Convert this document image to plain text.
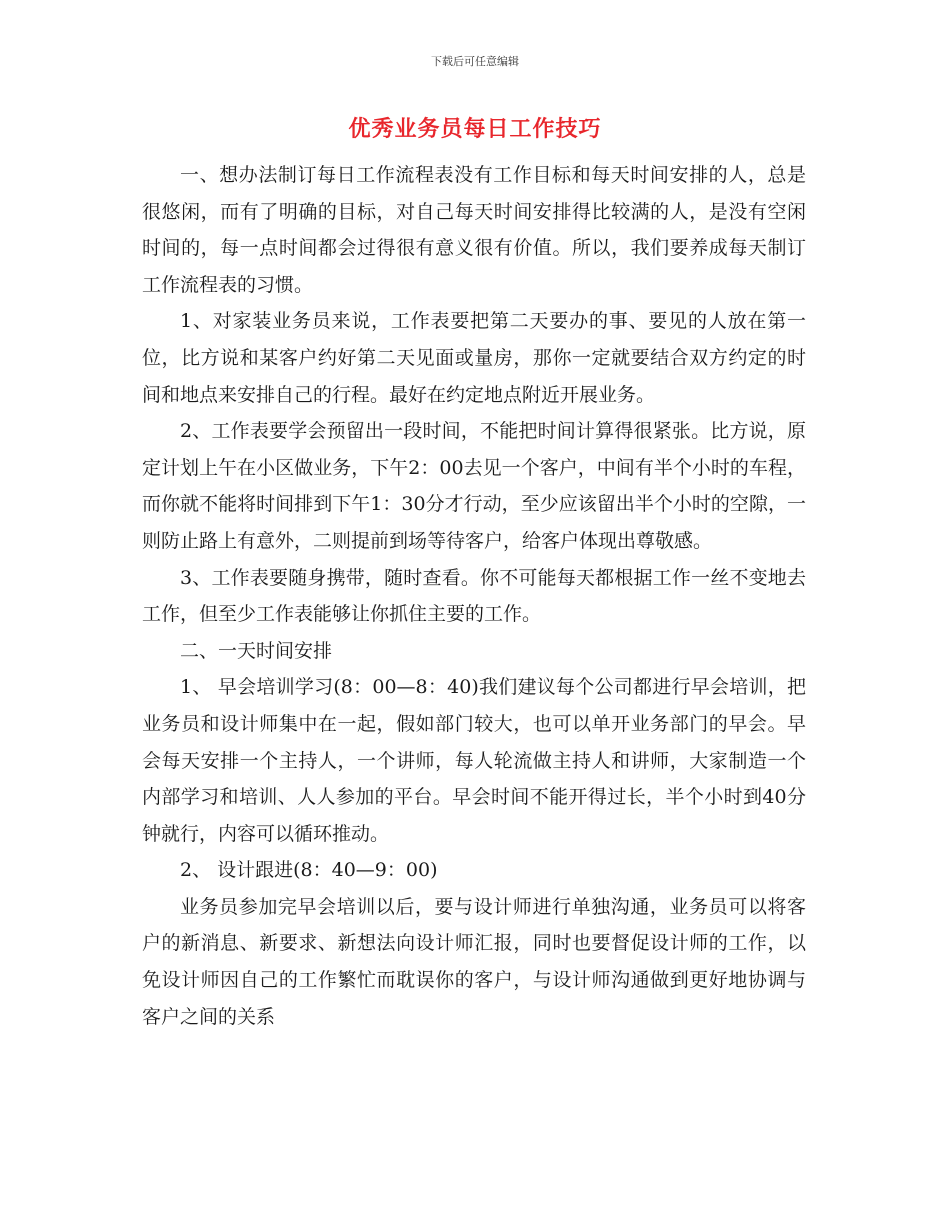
下载后可任意编辑
优秀业务员每日工作技巧

一、想办法制订每日工作流程表没有工作目标和每天时间安排的人，总是很悠闲，而有了明确的目标，对自己每天时间安排得比较满的人，是没有空闲时间的，每一点时间都会过得很有意义很有价值。所以，我们要养成每天制订工作流程表的习惯。

1、对家装业务员来说，工作表要把第二天要办的事、要见的人放在第一位，比方说和某客户约好第二天见面或量房，那你一定就要结合双方约定的时间和地点来安排自己的行程。最好在约定地点附近开展业务。

2、工作表要学会预留出一段时间，不能把时间计算得很紧张。比方说，原定计划上午在小区做业务，下午2：00去见一个客户，中间有半个小时的车程，而你就不能将时间排到下午1：30分才行动，至少应该留出半个小时的空隙，一则防止路上有意外，二则提前到场等待客户，给客户体现出尊敬感。

3、工作表要随身携带，随时查看。你不可能每天都根据工作一丝不变地去工作，但至少工作表能够让你抓住主要的工作。

二、一天时间安排

1、 早会培训学习(8：00—8：40)我们建议每个公司都进行早会培训，把业务员和设计师集中在一起，假如部门较大，也可以单开业务部门的早会。早会每天安排一个主持人，一个讲师，每人轮流做主持人和讲师，大家制造一个内部学习和培训、人人参加的平台。早会时间不能开得过长，半个小时到40分钟就行，内容可以循环推动。

2、 设计跟进(8：40—9：00)

业务员参加完早会培训以后，要与设计师进行单独沟通，业务员可以将客户的新消息、新要求、新想法向设计师汇报，同时也要督促设计师的工作，以免设计师因自己的工作繁忙而耽误你的客户，与设计师沟通做到更好地协调与客户之间的关系
